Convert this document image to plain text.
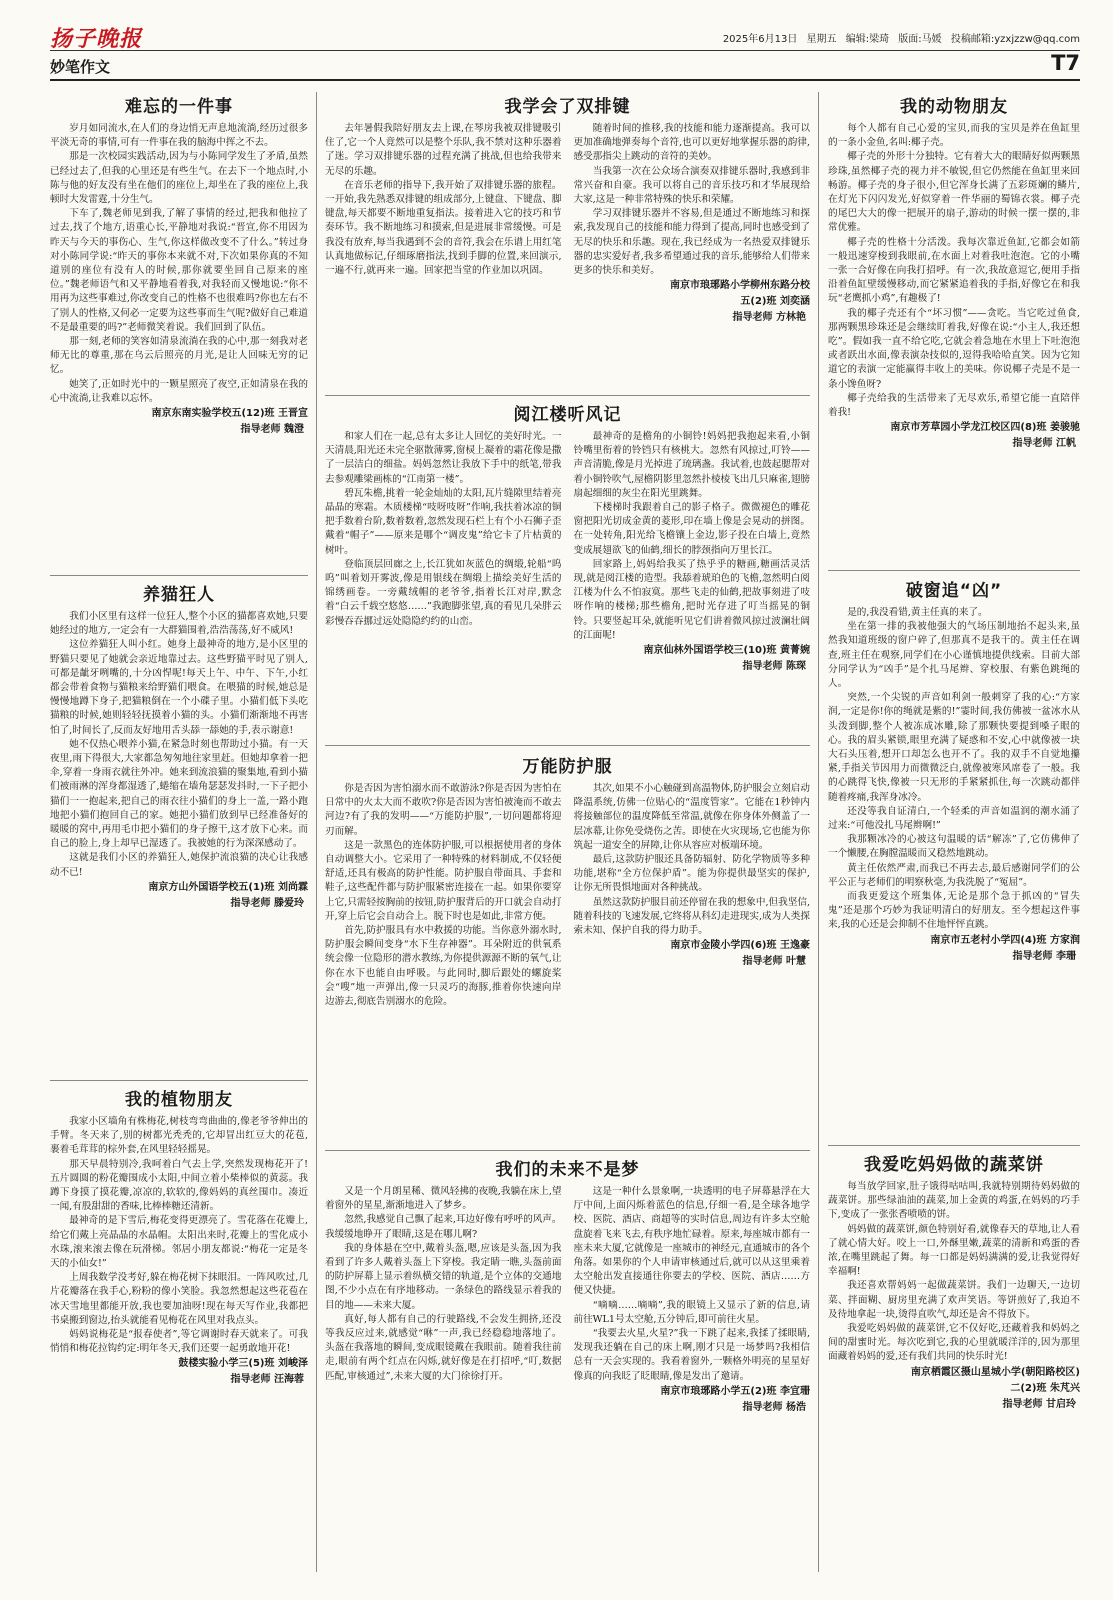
扬子晚报	2025年6月13日 星期五 编辑:梁琦 版面:马媛 投稿邮箱:yzxjzzw@qq.com
妙笔作文	T7
难忘的一件事

岁月如同流水,在人们的身边悄无声息地流淌,经历过很多平淡无奇的事情,可有一件事在我的脑海中挥之不去。

那是一次校园实践活动,因为与小陈同学发生了矛盾,虽然已经过去了,但我的心里还是有些生气。在去下一个地点时,小陈与他的好友没有坐在他们的座位上,却坐在了我的座位上,我顿时大发雷霆,十分生气。

下车了,魏老师见到我,了解了事情的经过,把我和他拉了过去,找了个地方,语重心长,平静地对我说:“晋宣,你不用因为昨天与今天的事伤心、生气,你这样做改变不了什么。”转过身对小陈同学说:“昨天的事你本来就不对,下次如果你真的不知道别的座位有没有人的时候,那你就要坐回自己原来的座位。”魏老师语气和又平静地看着我,对我轻而又慢地说:“你不用再为这些事难过,你改变自己的性格不也很难吗?你也左右不了别人的性格,又何必一定要为这些事而生气呢?做好自己难道不是最重要的吗?”老师微笑着说。我们回到了队伍。

那一刻,老师的笑容如清泉流淌在我的心中,那一刻我对老师无比的尊重,那在乌云后照亮的月光,是让人回味无穷的记忆。

她笑了,正如时光中的一颗星照亮了夜空,正如清泉在我的心中流淌,让我难以忘怀。

南京东南实验学校五(12)班 王晋宣
指导老师 魏澄
养猫狂人

我们小区里有这样一位狂人,整个小区的猫都喜欢她,只要她经过的地方,一定会有一大群猫围着,浩浩荡荡,好不威风!

这位养猫狂人叫小红。她身上最神奇的地方,是小区里的野猫只要见了她就会亲近地靠过去。这些野猫平时见了别人,可都是龇牙咧嘴的,十分凶悍呢!每天上午、中午、下午,小红都会带着食物与猫粮来给野猫们喂食。在喂猫的时候,她总是慢慢地蹲下身子,把猫粮倒在一个小碟子里。小猫们低下头吃猫粮的时候,她则轻轻抚摸着小猫的头。小猫们渐渐地不再害怕了,时间长了,反而友好地用舌头舔一舔她的手,表示谢意!

她不仅热心喂养小猫,在紧急时刻也帮助过小猫。有一天夜里,雨下得很大,大家都急匆匆地往家里赶。但她却拿着一把伞,穿着一身雨衣就往外冲。她来到流浪猫的聚集地,看到小猫们被雨淋的浑身都湿透了,蜷缩在墙角瑟瑟发抖时,一下子把小猫们一一抱起来,把自己的雨衣往小猫们的身上一盖,一路小跑地把小猫们抱回自己的家。她把小猫们放到早已经准备好的暖暖的窝中,再用毛巾把小猫们的身子擦干,这才放下心来。而自己的脸上,身上却早已湿透了。我被她的行为深深感动了。

这就是我们小区的养猫狂人,她保护流浪猫的决心让我感动不已!

南京方山外国语学校五(1)班 刘尚霖
指导老师 滕爱玲
我的植物朋友

我家小区墙角有株梅花,树枝弯弯曲曲的,像老爷爷伸出的手臂。冬天来了,别的树都光秃秃的,它却冒出红豆大的花苞,裹着毛茸茸的棕外套,在风里轻轻摇晃。

那天早晨特别冷,我呵着白气去上学,突然发现梅花开了!五片圆圆的粉花瓣围成小太阳,中间立着小柴棒似的黄蕊。我蹲下身摸了摸花瓣,凉凉的,软软的,像妈妈的真丝围巾。凑近一闻,有股甜甜的香味,比棒棒糖还清新。

最神奇的是下雪后,梅花变得更漂亮了。雪花落在花瓣上,给它们戴上亮晶晶的水晶帽。太阳出来时,花瓣上的雪化成小水珠,滚来滚去像在玩滑梯。邻居小朋友都说:“梅花一定是冬天的小仙女!”

上周我数学没考好,躲在梅花树下抹眼泪。一阵风吹过,几片花瓣落在我手心,粉粉的像小笑脸。我忽然想起这些花苞在冰天雪地里都能开放,我也要加油呀!现在每天写作业,我都把书桌搬到窗边,抬头就能看见梅花在风里对我点头。

妈妈说梅花是“报春使者”,等它调谢时春天就来了。可我悄悄和梅花拉钩约定:明年冬天,我们还要一起勇敢地开花!

鼓楼实验小学三(5)班 刘峻泽
指导老师 汪海蓉
我学会了双排键

去年暑假我陪好朋友去上课,在琴房我被双排键吸引住了,它一个人竟然可以是整个乐队,我不禁对这种乐器着了迷。学习双排键乐器的过程充满了挑战,但也给我带来无尽的乐趣。

在音乐老师的指导下,我开始了双排键乐器的旅程。一开始,我先熟悉双排键的组成部分,上键盘、下键盘、脚键盘,每天都要不断地重复指法。接着进入它的技巧和节奏环节。我不断地练习和摸索,但是进展非常缓慢。可是我没有放弃,每当我遇到不会的音符,我会在乐谱上用红笔认真地做标记,仔细琢磨指法,找到手脚的位置,来回演示,一遍不行,就再来一遍。回家把当堂的作业加以巩固。

随着时间的推移,我的技能和能力逐渐提高。我可以更加准确地弹奏每个音符,也可以更好地掌握乐器的韵律,感受那指尖上跳动的音符的美妙。

当我第一次在公众场合演奏双排键乐器时,我感到非常兴奋和自豪。我可以将自己的音乐技巧和才华展现给大家,这是一种非常特殊的快乐和荣耀。

学习双排键乐器并不容易,但是通过不断地练习和探索,我发现自己的技能和能力得到了提高,同时也感受到了无尽的快乐和乐趣。现在,我已经成为一名热爱双排键乐器的忠实爱好者,我多希望通过我的音乐,能够给人们带来更多的快乐和美好。

南京市琅琊路小学柳州东路分校
五(2)班 刘奕涵
指导老师 方林艳
阅江楼听风记

和家人们在一起,总有太多让人回忆的美好时光。一天清晨,阳光还未完全驱散薄雾,窗棂上凝着的霜花像是撒了一层洁白的细盐。妈妈忽然让我放下手中的纸笔,带我去参观雕梁画栋的“江南第一楼”。

碧瓦朱檐,挑着一轮金灿灿的太阳,瓦片缝隙里结着亮晶晶的寒霜。木质楼梯“吱呀吱呀”作响,我扶着冰凉的铜把手数着台阶,数着数着,忽然发现石栏上有个小石狮子歪戴着“帽子”——原来是哪个“调皮鬼”给它卡了片枯黄的树叶。

登临顶层回廊之上,长江犹如灰蓝色的绸缎,轮船“呜呜”叫着划开雾波,像是用银线在绸缎上描绘美好生活的锦绣画卷。一旁戴绒帽的老爷爷,指着长江对岸,默念着“白云千载空悠悠……”我跑脚张望,真的看见几朵胖云彩慢吞吞挪过远处隐隐约约的山峦。

最神奇的是檐角的小铜铃!妈妈把我抱起来看,小铜铃嘴里衔着的铃铛只有核桃大。忽然有风掠过,叮铃——声音清脆,像是月光掉进了琉璃盏。我试着,也鼓起腮帮对着小铜铃吹气,屋檐阴影里忽然扑棱棱飞出几只麻雀,翅膀扇起细细的灰尘在阳光里跳舞。

下楼梯时我跟着自己的影子格子。微微褪色的雕花窗把阳光切成金黄的菱形,印在墙上像是会晃动的拼图。在一处转角,阳光给飞檐镶上金边,影子投在白墙上,竟然变成展翅欲飞的仙鹤,细长的脖颈指向万里长江。

回家路上,妈妈给我买了热乎乎的糖画,糖画活灵活现,就是阅江楼的造型。我舔着琥珀色的飞檐,忽然明白阅江楼为什么不怕寂寞。那些飞走的仙鹤,把故事刻进了吱呀作响的楼梯;那些檐角,把时光存进了叮当摇晃的铜铃。只要竖起耳朵,就能听见它们讲着微风掠过波澜壮阔的江面呢!

南京仙林外国语学校三(10)班 黄菁婉
指导老师 陈琛
万能防护服

你是否因为害怕溺水而不敢游泳?你是否因为害怕在日常中的火太大而不敢吹?你是否因为害怕被淹而不敢去河边?有了我的发明——“万能防护服”,一切问题都将迎刃而解。

这是一款黑色的连体防护服,可以根据使用者的身体自动调整大小。它采用了一种特殊的材料制成,不仅轻便舒适,还具有极高的防护性能。防护服自带面具、手套和鞋子,这些配件都与防护服紧密连接在一起。如果你要穿上它,只需轻按胸前的按钮,防护服背后的开口就会自动打开,穿上后它会自动合上。脱下时也是如此,非常方便。

首先,防护服具有水中救援的功能。当你意外溺水时,防护服会瞬间变身“水下生存神器”。耳朵附近的供氧系统会像一位隐形的潜水教练,为你提供源源不断的氧气,让你在水下也能自由呼吸。与此同时,脚后跟处的螺旋桨会“嗖”地一声弹出,像一只灵巧的海豚,推着你快速向岸边游去,彻底告别溺水的危险。

其次,如果不小心触碰到高温物体,防护服会立刻启动降温系统,仿佛一位贴心的“温度管家”。它能在1秒钟内将接触部位的温度降低至常温,就像在你身体外侧盖了一层冰幕,让你免受烧伤之苦。即使在火灾现场,它也能为你筑起一道安全的屏障,让你从容应对板端环境。

最后,这款防护服还具备防辐射、防化学物质等多种功能,堪称“全方位保护盾”。能为你提供最坚实的保护,让你无所畏惧地面对各种挑战。

虽然这款防护服目前还停留在我的想象中,但我坚信,随着科技的飞速发展,它终将从科幻走进现实,成为人类探索未知、保护自我的得力助手。

南京市金陵小学四(6)班 王逸豪
指导老师 叶慧
我们的未来不是梦

又是一个月朗星稀、微风轻拂的夜晚,我躺在床上,望着窗外的星星,渐渐地进入了梦乡。

忽然,我感觉自己飘了起来,耳边好像有呼呼的风声。我缓缓地睁开了眼睛,这是在哪儿啊?

我的身体悬在空中,戴着头盔,嗯,应该是头盔,因为我看到了许多人戴着头盔上下穿梭。我定睛一瞧,头盔前面的防护屏幕上显示着纵横交错的轨道,是个立体的交通地图,不少小点在有序地移动。一条绿色的路线显示着我的目的地——未来大厦。

真好,每人都有自己的行驶路线,不会发生拥挤,还没等我反应过来,就感觉“咻”一声,我已经稳稳地落地了。头盔在我落地的瞬间,变成眼镜戴在我眼前。随着我往前走,眼前有两个红点在闪烁,就好像是在打招呼,“叮,数据匹配,审核通过”,未来大厦的大门徐徐打开。

这是一种什么景象啊,一块透明的电子屏幕悬浮在大厅中间,上面闪烁着蓝色的信息,仔细一看,是全球各地学校、医院、酒店、商超等的实时信息,周边有许多太空舱盘旋着飞来飞去,有秩序地忙碌着。原来,每座城市都有一座未来大厦,它就像是一座城市的神经元,直通城市的各个角落。如果你的个人申请审核通过后,就可以从这里乘着太空舱出发直接通往你要去的学校、医院、酒店……方便又快捷。

“嘀嘀……嘀嘀”,我的眼镜上又显示了新的信息,请前往WL1号太空舱,五分钟后,即可前往火星。

“我要去火星,火星?”我一下跳了起来,我揉了揉眼睛,发现我还躺在自己的床上啊,刚才只是一场梦吗?我相信总有一天会实现的。我看着窗外,一颗格外明亮的星星好像真的向我眨了眨眼睛,像是发出了邀请。

南京市琅琊路小学五(2)班 李宜珊
指导老师 杨浩
我的动物朋友

每个人都有自己心爱的宝贝,而我的宝贝是养在鱼缸里的一条小金鱼,名叫:椰子壳。

椰子壳的外形十分独特。它有着大大的眼睛好似两颗黑珍珠,虽然椰子壳的视力并不敏锐,但它仍然能在鱼缸里来回畅游。椰子壳的身子很小,但它浑身长满了五彩斑斓的鳞片,在灯光下闪闪发光,好似穿着一件华丽的蜀锦衣裳。椰子壳的尾巴大大的像一把展开的扇子,游动的时候一摆一摆的,非常优雅。

椰子壳的性格十分活泼。我每次靠近鱼缸,它都会如箭一般迅速穿梭到我眼前,在水面上对着我吐泡泡。它的小嘴一张一合好像在向我打招呼。有一次,我故意逗它,便用手指沿着鱼缸壁缓慢移动,而它紧紧追着我的手指,好像它在和我玩“老鹰抓小鸡”,有趣极了!

我的椰子壳还有个“坏习惯”——贪吃。当它吃过鱼食,那两颗黑珍珠还是会继续盯着我,好像在说:“小主人,我还想吃”。假如我一直不给它吃,它就会着急地在水里上下吐泡泡或者跃出水面,像表演杂技似的,逗得我哈哈直笑。因为它知道它的表演一定能赢得丰收上的美味。你说椰子壳是不是一条小馋鱼呀?

椰子壳给我的生活带来了无尽欢乐,希望它能一直陪伴着我!

南京市芳草园小学龙江校区四(8)班 姜骏驰
指导老师 江帆
破窗追“凶”

是的,我没看错,黄主任真的来了。

坐在第一排的我被他强大的气场压制地抬不起头来,虽然我知道班级的窗户碎了,但那真不是我干的。黄主任在调查,班主任在观察,同学们在小心谨慎地提供线索。目前大部分同学认为“凶手”是个扎马尾辫、穿校服、有紫色跳绳的人。

突然,一个尖锐的声音如利剑一般刺穿了我的心:“方家润,一定是你!你的绳就是紫的!”霎时间,我仿佛被一盆冰水从头泼到脚,整个人被冻成冰雕,除了那颗快要提到嗓子眼的心。我的眉头紧锁,眼里充满了疑惑和不安,心中就像被一块大石头压着,想开口却怎么也开不了。我的双手不自觉地攥紧,手指关节因用力而微微泛白,就像被寒风席卷了一般。我的心跳得飞快,像被一只无形的手紧紧抓住,每一次跳动都伴随着疼痛,我浑身冰冷。

还没等我自证清白,一个轻柔的声音如温润的潮水涌了过来:“可他没扎马尾辫啊!”

我那颗冰冷的心被这句温暖的话“解冻”了,它仿佛伸了一个懒腰,在胸膛温暖而又稳然地跳动。

黄主任依然严肃,而我已不再去忐,最后感谢同学们的公平公正与老师们的明察秋毫,为我洗脱了“冤屈”。

而我更爱这个班集体,无论是那个急于抓凶的“冒失鬼”还是那个巧妙为我证明清白的好朋友。至今想起这件事来,我的心还是会抑制不住地怦怦直跳。

南京市五老村小学四(4)班 方家润
指导老师 李珊
我爱吃妈妈做的蔬菜饼

每当放学回家,肚子饿得咕咕叫,我就特别期待妈妈做的蔬菜饼。那些绿油油的蔬菜,加上金黄的鸡蛋,在妈妈的巧手下,变成了一张张香喷喷的饼。

妈妈做的蔬菜饼,颜色特别好看,就像春天的草地,让人看了就心情大好。咬上一口,外酥里嫩,蔬菜的清新和鸡蛋的香浓,在嘴里跳起了舞。每一口都是妈妈满满的爱,让我觉得好幸福啊!

我还喜欢帮妈妈一起做蔬菜饼。我们一边聊天,一边切菜、拌面糊、厨房里充满了欢声笑语。等饼煎好了,我迫不及待地拿起一块,烫得直吹气,却还是舍不得放下。

我爱吃妈妈做的蔬菜饼,它不仅好吃,还藏着我和妈妈之间的甜蜜时光。每次吃到它,我的心里就暖洋洋的,因为那里面藏着妈妈的爱,还有我们共同的快乐时光!

南京栖霞区摄山星城小学(朝阳路校区)
二(2)班 朱芃兴
指导老师 甘启玲
